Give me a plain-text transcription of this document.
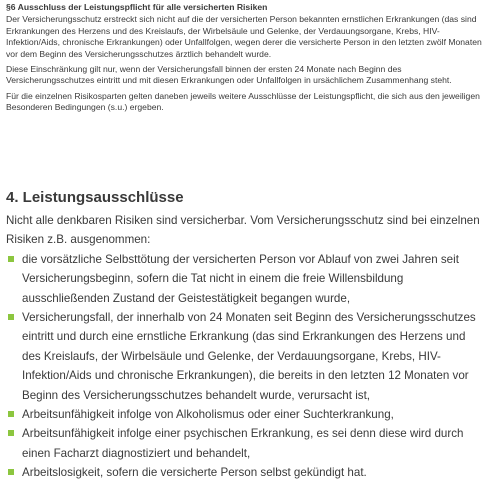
§6 Ausschluss der Leistungspflicht für alle versicherten Risiken

Der Versicherungsschutz erstreckt sich nicht auf die der versicherten Person bekannten ernstlichen Erkrankungen (das sind Erkrankungen des Herzens und des Kreislaufs, der Wirbelsäule und Gelenke, der Verdauungsorgane, Krebs, HIV-Infektion/Aids, chronische Erkrankungen) oder Unfallfolgen, wegen derer die versicherte Person in den letzten zwölf Monaten vor dem Beginn des Versicherungsschutzes ärztlich behandelt wurde.

Diese Einschränkung gilt nur, wenn der Versicherungsfall binnen der ersten 24 Monate nach Beginn des Versicherungsschutzes eintritt und mit diesen Erkrankungen oder Unfallfolgen in ursächlichem Zusammenhang steht.

Für die einzelnen Risikosparten gelten daneben jeweils weitere Ausschlüsse der Leistungspflicht, die sich aus den jeweiligen Besonderen Bedingungen (s.u.) ergeben.

4. Leistungsausschlüsse

Nicht alle denkbaren Risiken sind versicherbar. Vom Versicherungsschutz sind bei einzelnen Risiken z.B. ausgenommen:

die vorsätzliche Selbsttötung der versicherten Person vor Ablauf von zwei Jahren seit Versicherungsbeginn, sofern die Tat nicht in einem die freie Willensbildung ausschließenden Zustand der Geistestätigkeit begangen wurde,
Versicherungsfall, der innerhalb von 24 Monaten seit Beginn des Versicherungsschutzes eintritt und durch eine ernstliche Erkrankung (das sind Erkrankungen des Herzens und des Kreislaufs, der Wirbelsäule und Gelenke, der Verdauungsorgane, Krebs, HIV-Infektion/Aids und chronische Erkrankungen), die bereits in den letzten 12 Monaten vor Beginn des Versicherungsschutzes behandelt wurde, verursacht ist,
Arbeitsunfähigkeit infolge von Alkoholismus oder einer Suchterkrankung,
Arbeitsunfähigkeit infolge einer psychischen Erkrankung, es sei denn diese wird durch einen Facharzt diagnostiziert und behandelt,
Arbeitslosigkeit, sofern die versicherte Person selbst gekündigt hat.
